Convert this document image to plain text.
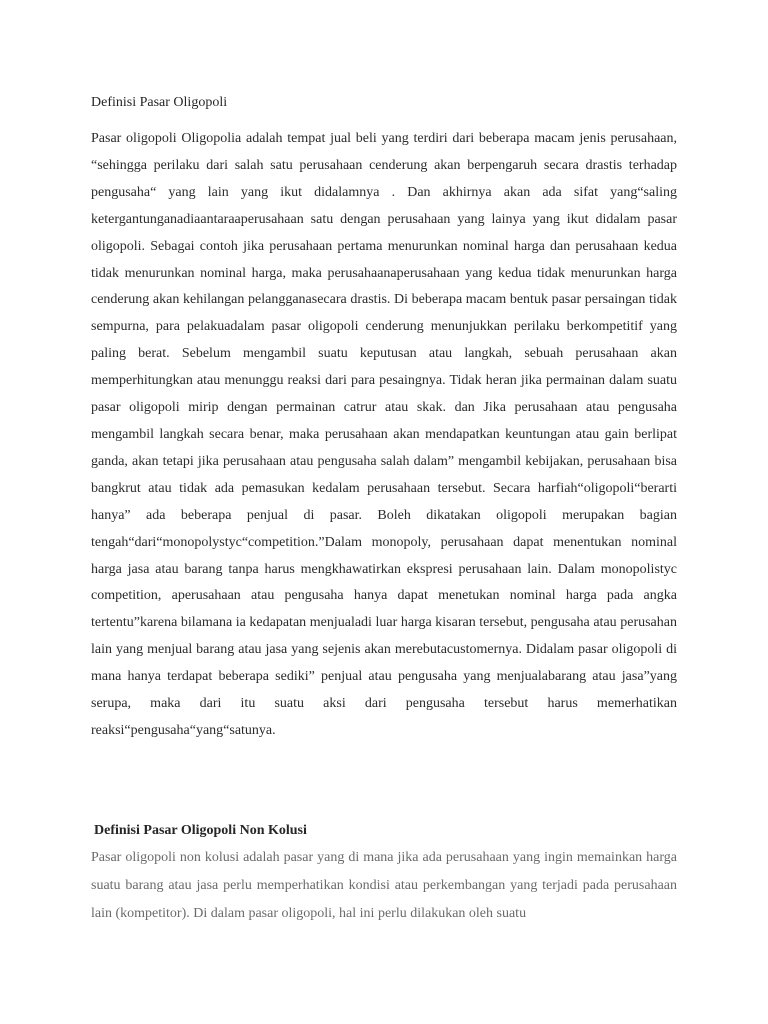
Definisi Pasar Oligopoli

Pasar oligopoli Oligopolia adalah tempat jual beli yang terdiri dari beberapa macam jenis perusahaan, “sehingga perilaku dari salah satu perusahaan cenderung akan berpengaruh secara drastis terhadap pengusaha“ yang lain yang ikut didalamnya . Dan akhirnya akan ada sifat yang“saling ketergantunganadiaantaraaperusahaan satu dengan perusahaan yang lainya yang ikut didalam pasar oligopoli. Sebagai contoh jika perusahaan pertama menurunkan nominal harga dan perusahaan kedua tidak menurunkan nominal harga, maka perusahaanaperusahaan yang kedua tidak menurunkan harga cenderung akan kehilangan pelangganasecara drastis. Di beberapa macam bentuk pasar persaingan tidak sempurna, para pelakuadalam pasar oligopoli cenderung menunjukkan perilaku berkompetitif yang paling berat. Sebelum mengambil suatu keputusan atau langkah, sebuah perusahaan akan memperhitungkan atau menunggu reaksi dari para pesaingnya. Tidak heran jika permainan dalam suatu pasar oligopoli mirip dengan permainan catrur atau skak. dan Jika perusahaan atau pengusaha mengambil langkah secara benar, maka perusahaan akan mendapatkan keuntungan atau gain berlipat ganda, akan tetapi jika perusahaan atau pengusaha salah dalam” mengambil kebijakan, perusahaan bisa bangkrut atau tidak ada pemasukan kedalam perusahaan tersebut. Secara harfiah“oligopoli“berarti hanya” ada beberapa penjual di pasar. Boleh dikatakan oligopoli merupakan bagian tengah“dari“monopolystyc“competition.”Dalam monopoly, perusahaan dapat menentukan nominal harga jasa atau barang tanpa harus mengkhawatirkan ekspresi perusahaan lain. Dalam monopolistyc competition, aperusahaan atau pengusaha hanya dapat menetukan nominal harga pada angka tertentu”karena bilamana ia kedapatan menjualadi luar harga kisaran tersebut, pengusaha atau perusahan lain yang menjual barang atau jasa yang sejenis akan merebutacustomernya. Didalam pasar oligopoli di mana hanya terdapat beberapa sediki” penjual atau pengusaha yang menjualabarang atau jasa”yang serupa, maka dari itu suatu aksi dari pengusaha tersebut harus memerhatikan reaksi“pengusaha“yang“satunya.

Definisi Pasar Oligopoli Non Kolusi

Pasar oligopoli non kolusi adalah pasar yang di mana jika ada perusahaan yang ingin memainkan harga suatu barang atau jasa perlu memperhatikan kondisi atau perkembangan yang terjadi pada perusahaan lain (kompetitor). Di dalam pasar oligopoli, hal ini perlu dilakukan oleh suatu
